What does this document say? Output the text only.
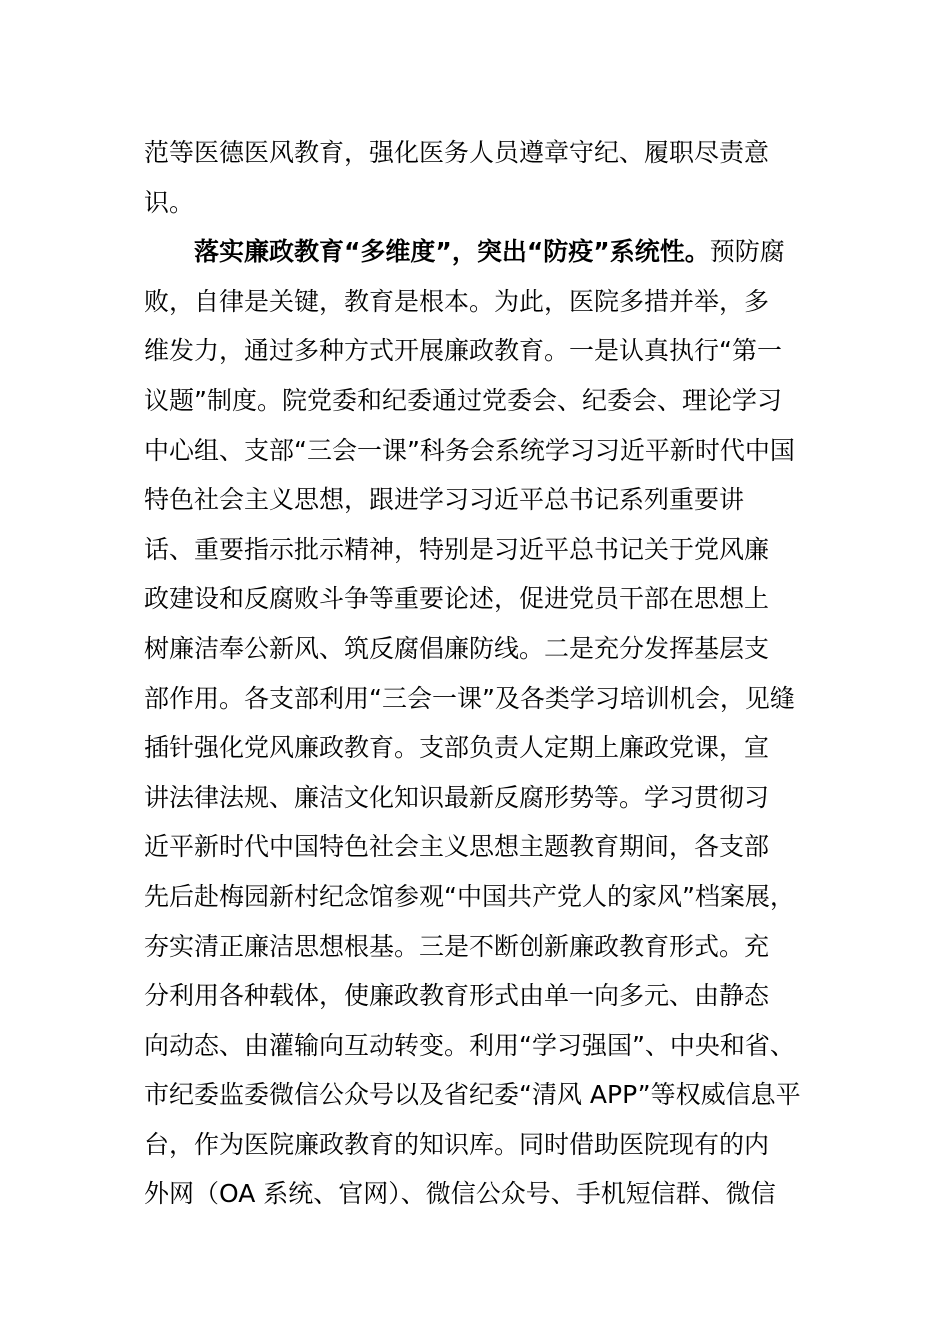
范等医德医风教育，强化医务人员遵章守纪、履职尽责意
识。
落实廉政教育“多维度”，突出“防疫”系统性。预防腐
败，自律是关键，教育是根本。为此，医院多措并举，多
维发力，通过多种方式开展廉政教育。一是认真执行“第一
议题”制度。院党委和纪委通过党委会、纪委会、理论学习
中心组、支部“三会一课”科务会系统学习习近平新时代中国
特色社会主义思想，跟进学习习近平总书记系列重要讲
话、重要指示批示精神，特别是习近平总书记关于党风廉
政建设和反腐败斗争等重要论述，促进党员干部在思想上
树廉洁奉公新风、筑反腐倡廉防线。二是充分发挥基层支
部作用。各支部利用“三会一课”及各类学习培训机会，见缝
插针强化党风廉政教育。支部负责人定期上廉政党课，宣
讲法律法规、廉洁文化知识最新反腐形势等。学习贯彻习
近平新时代中国特色社会主义思想主题教育期间，各支部
先后赴梅园新村纪念馆参观“中国共产党人的家风”档案展，
夯实清正廉洁思想根基。三是不断创新廉政教育形式。充
分利用各种载体，使廉政教育形式由单一向多元、由静态
向动态、由灌输向互动转变。利用“学习强国”、中央和省、
市纪委监委微信公众号以及省纪委“清风 APP”等权威信息平
台，作为医院廉政教育的知识库。同时借助医院现有的内
外网（OA 系统、官网）、微信公众号、手机短信群、微信
